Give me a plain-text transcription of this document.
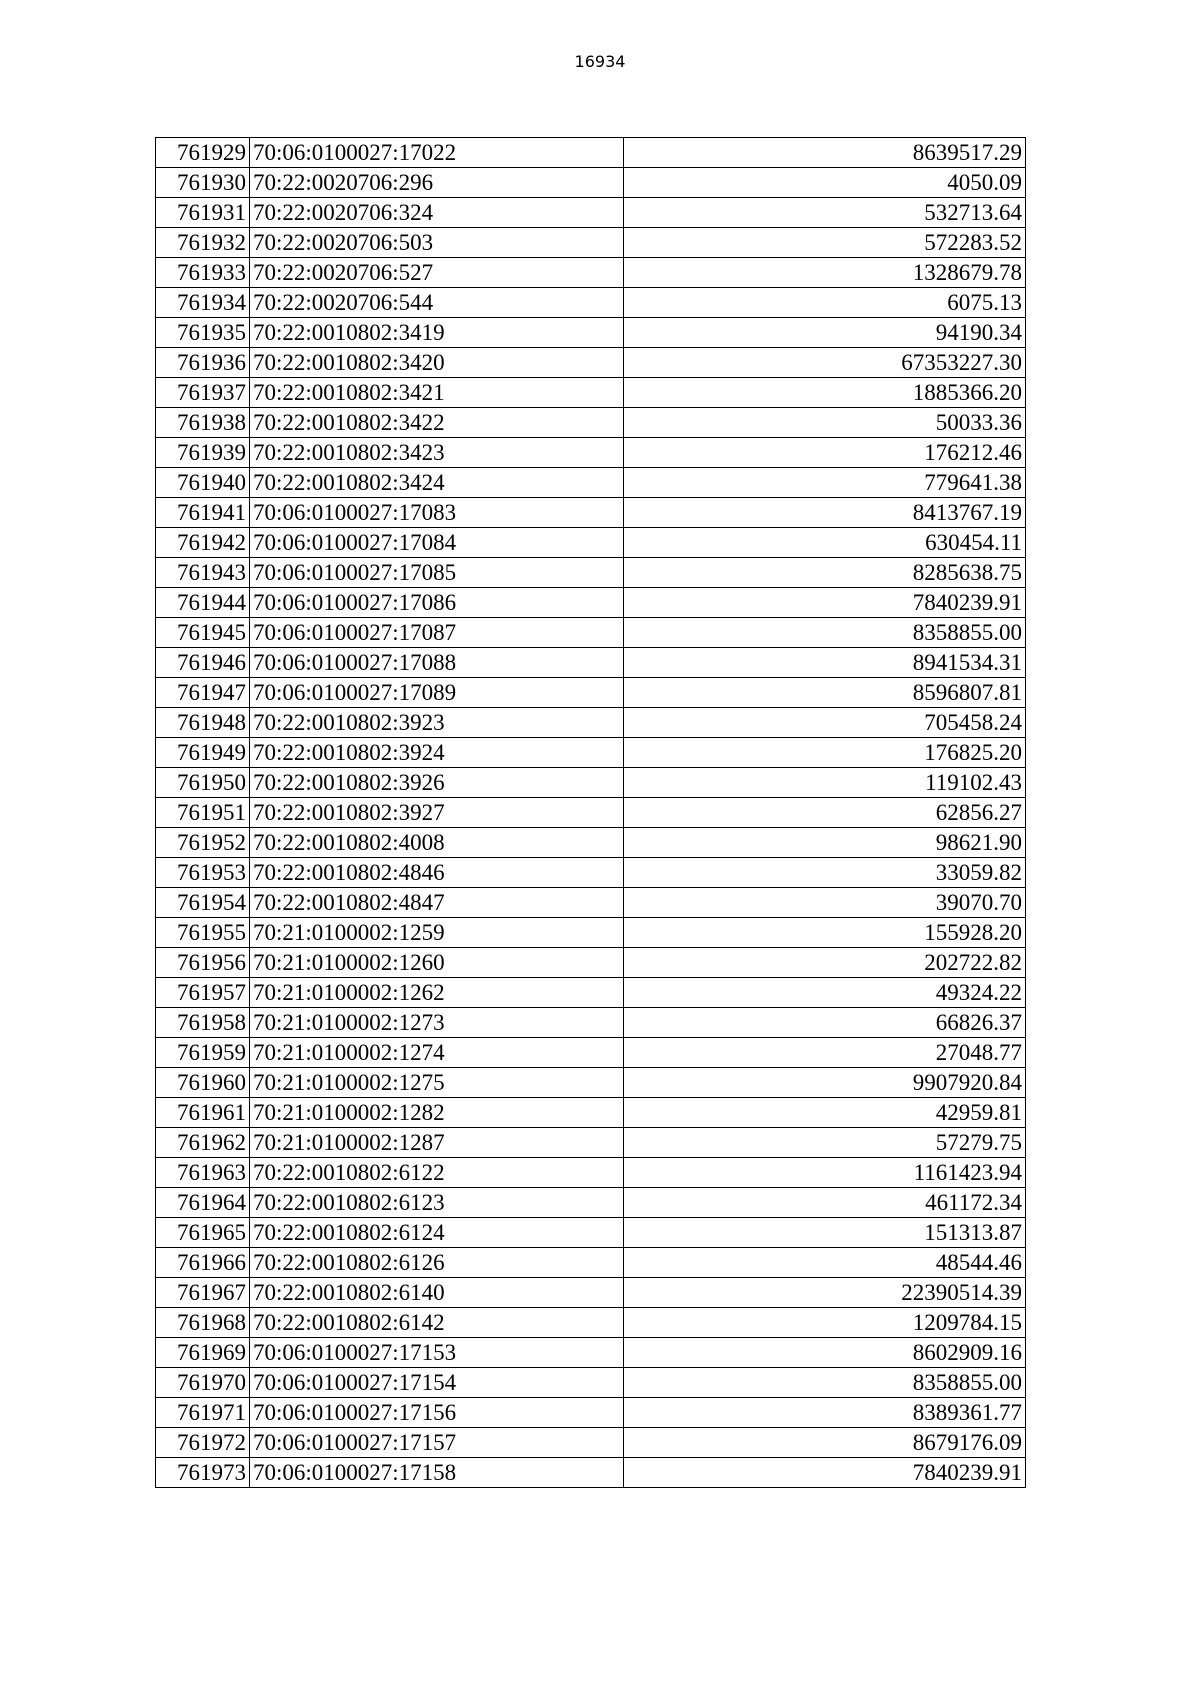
16934
761929	70:06:0100027:17022	8639517.29
761930	70:22:0020706:296	4050.09
761931	70:22:0020706:324	532713.64
761932	70:22:0020706:503	572283.52
761933	70:22:0020706:527	1328679.78
761934	70:22:0020706:544	6075.13
761935	70:22:0010802:3419	94190.34
761936	70:22:0010802:3420	67353227.30
761937	70:22:0010802:3421	1885366.20
761938	70:22:0010802:3422	50033.36
761939	70:22:0010802:3423	176212.46
761940	70:22:0010802:3424	779641.38
761941	70:06:0100027:17083	8413767.19
761942	70:06:0100027:17084	630454.11
761943	70:06:0100027:17085	8285638.75
761944	70:06:0100027:17086	7840239.91
761945	70:06:0100027:17087	8358855.00
761946	70:06:0100027:17088	8941534.31
761947	70:06:0100027:17089	8596807.81
761948	70:22:0010802:3923	705458.24
761949	70:22:0010802:3924	176825.20
761950	70:22:0010802:3926	119102.43
761951	70:22:0010802:3927	62856.27
761952	70:22:0010802:4008	98621.90
761953	70:22:0010802:4846	33059.82
761954	70:22:0010802:4847	39070.70
761955	70:21:0100002:1259	155928.20
761956	70:21:0100002:1260	202722.82
761957	70:21:0100002:1262	49324.22
761958	70:21:0100002:1273	66826.37
761959	70:21:0100002:1274	27048.77
761960	70:21:0100002:1275	9907920.84
761961	70:21:0100002:1282	42959.81
761962	70:21:0100002:1287	57279.75
761963	70:22:0010802:6122	1161423.94
761964	70:22:0010802:6123	461172.34
761965	70:22:0010802:6124	151313.87
761966	70:22:0010802:6126	48544.46
761967	70:22:0010802:6140	22390514.39
761968	70:22:0010802:6142	1209784.15
761969	70:06:0100027:17153	8602909.16
761970	70:06:0100027:17154	8358855.00
761971	70:06:0100027:17156	8389361.77
761972	70:06:0100027:17157	8679176.09
761973	70:06:0100027:17158	7840239.91
